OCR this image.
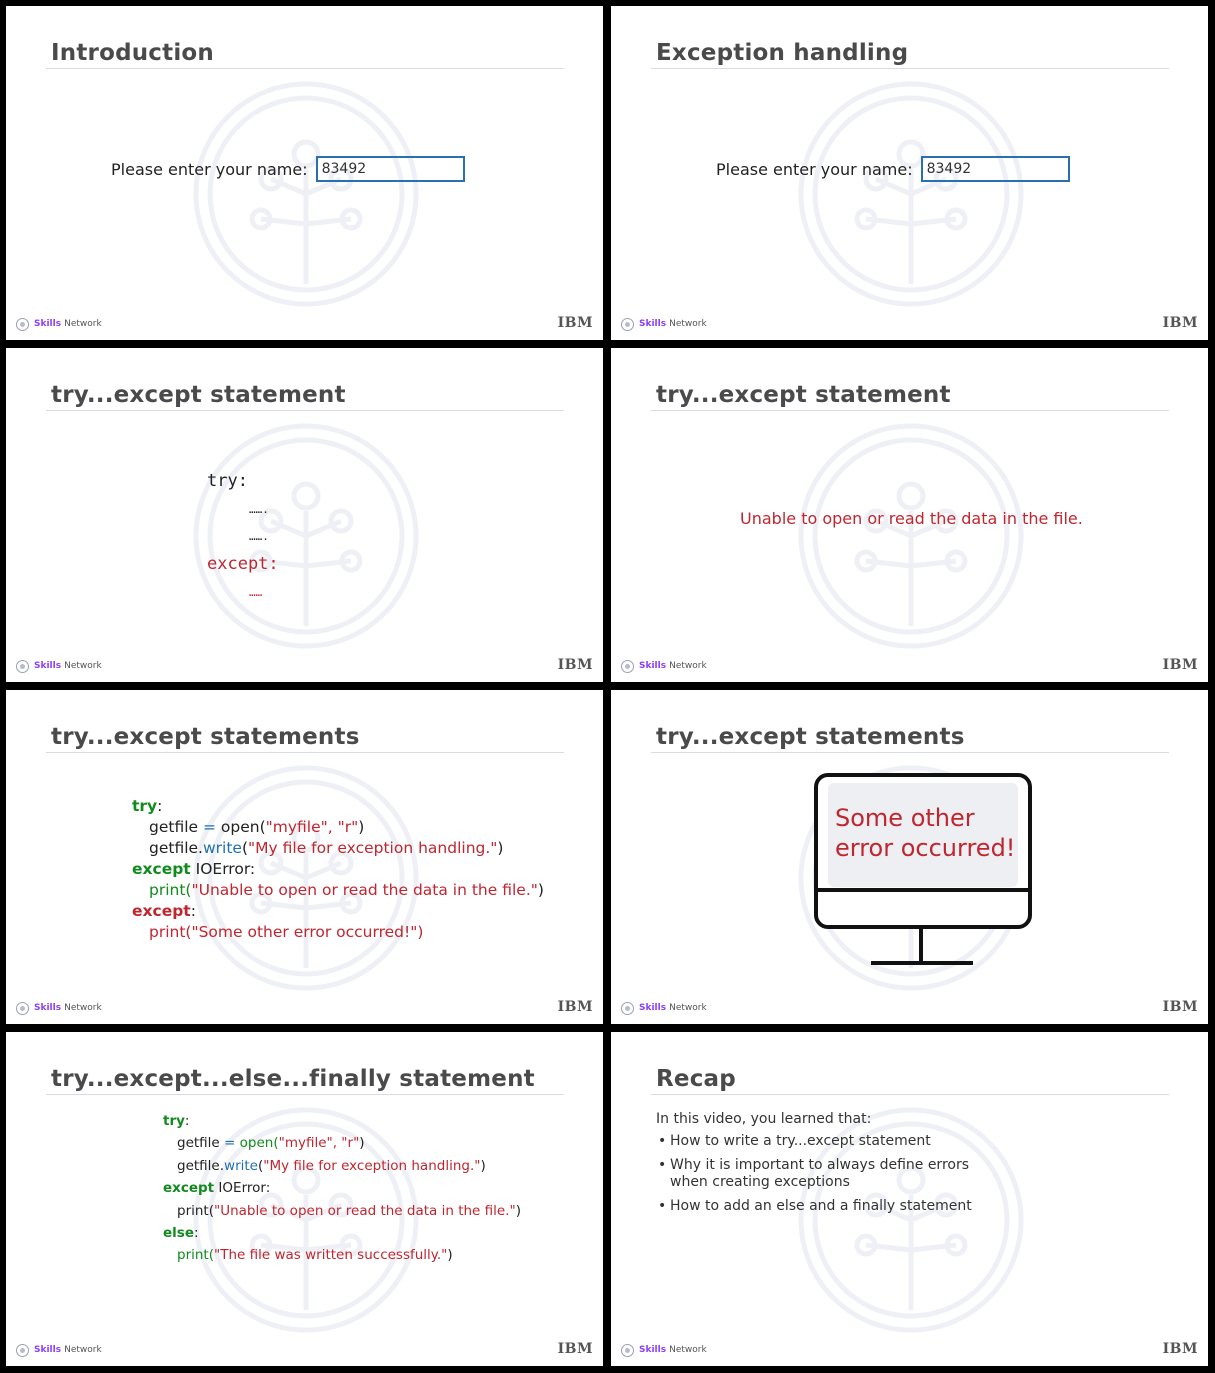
Introduction
Please enter your name:	83492
Skills Network	IBM
Exception handling
Please enter your name:	83492
Skills Network	IBM
try...except statement
try:
…….
…….
except:
……
Skills Network	IBM
try...except statement
Unable to open or read the data in the file.
Skills Network	IBM
try...except statements
try:
getfile = open("myfile", "r")
getfile.write("My file for exception handling.")
except IOError:
print("Unable to open or read the data in the file.")
except:
print("Some other error occurred!")
Skills Network	IBM
try...except statements
Some other
error occurred!
Skills Network	IBM
try...except...else...finally statement
try:
getfile = open("myfile", "r")
getfile.write("My file for exception handling.")
except IOError:
print("Unable to open or read the data in the file.")
else:
print("The file was written successfully.")
Skills Network	IBM
Recap
In this video, you learned that:
• How to write a try...except statement
• Why it is important to always define errors when creating exceptions
• How to add an else and a finally statement
Skills Network	IBM
